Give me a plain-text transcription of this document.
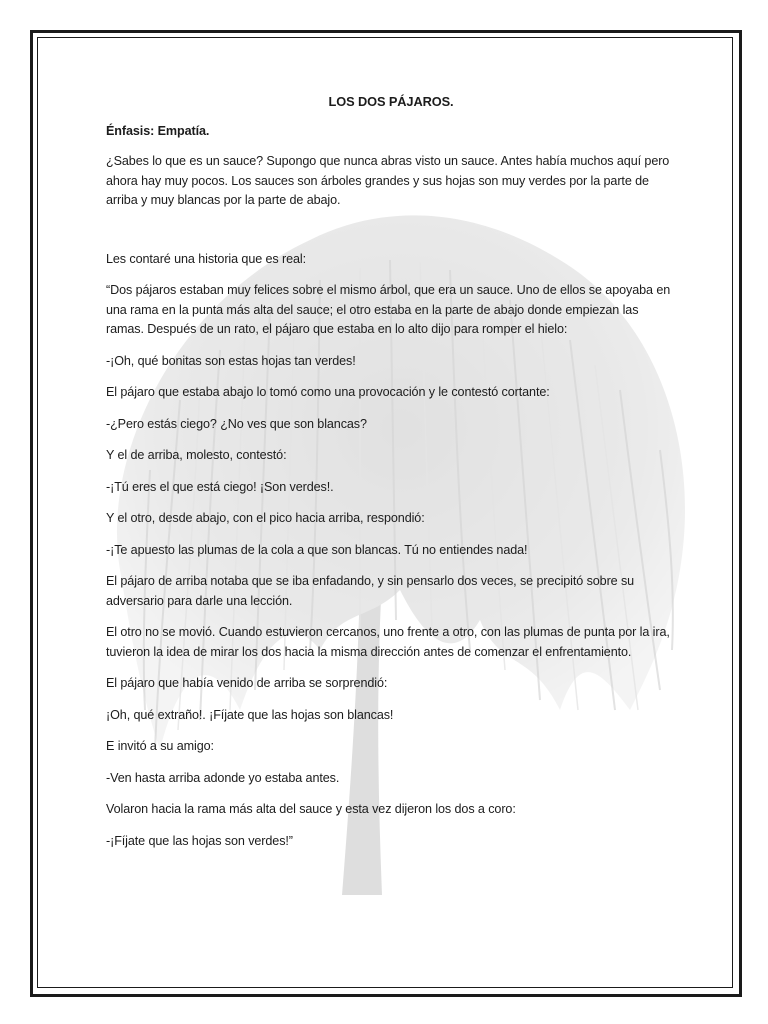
LOS DOS PÁJAROS.

Énfasis: Empatía.

¿Sabes lo que es un sauce? Supongo que nunca abras visto un sauce. Antes había muchos aquí pero ahora hay muy pocos. Los sauces son árboles grandes y sus hojas son muy verdes por la parte de arriba y muy blancas por la parte de abajo.

Les contaré una historia que es real:

“Dos pájaros estaban muy felices sobre el mismo árbol, que era un sauce. Uno de ellos se apoyaba en una rama en la punta más alta del sauce; el otro estaba en la parte de abajo donde empiezan las ramas. Después de un rato, el pájaro que estaba en lo alto dijo para romper el hielo:

-¡Oh, qué bonitas son estas hojas tan verdes!

El pájaro que estaba abajo lo tomó como una provocación y le contestó cortante:

-¿Pero estás ciego? ¿No ves que son blancas?

Y el de arriba, molesto, contestó:

-¡Tú eres el que está ciego! ¡Son verdes!.

Y el otro, desde abajo, con el pico hacia arriba, respondió:

-¡Te apuesto las plumas de la cola a que son blancas. Tú no entiendes nada!

El pájaro de arriba notaba que se iba enfadando, y sin pensarlo dos veces, se precipitó sobre su adversario para darle una lección.

El otro no se movió. Cuando estuvieron cercanos, uno frente a otro, con las plumas de punta por la ira, tuvieron la idea de mirar los dos hacia la misma dirección antes de comenzar el enfrentamiento.

El pájaro que había venido de arriba se sorprendió:

¡Oh, qué extraño!. ¡Fíjate que las hojas son blancas!

E invitó a su amigo:

-Ven hasta arriba adonde yo estaba antes.

Volaron hacia la rama más alta del sauce y esta vez dijeron los dos a coro:

-¡Fíjate que las hojas son verdes!”
